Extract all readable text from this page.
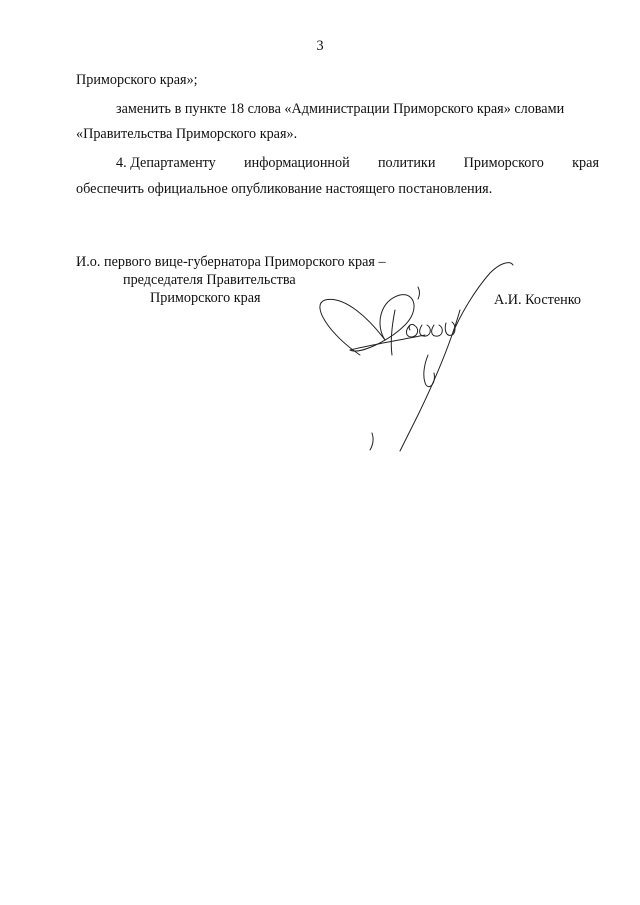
3
Приморского края»;
заменить в пункте 18 слова «Администрации Приморского края» словами
«Правительства Приморского края».
4. Департаменту информационной политики Приморского края
обеспечить официальное опубликование настоящего постановления.
И.о. первого вице-губернатора Приморского края –
председателя Правительства
Приморского края	А.И. Костенко
